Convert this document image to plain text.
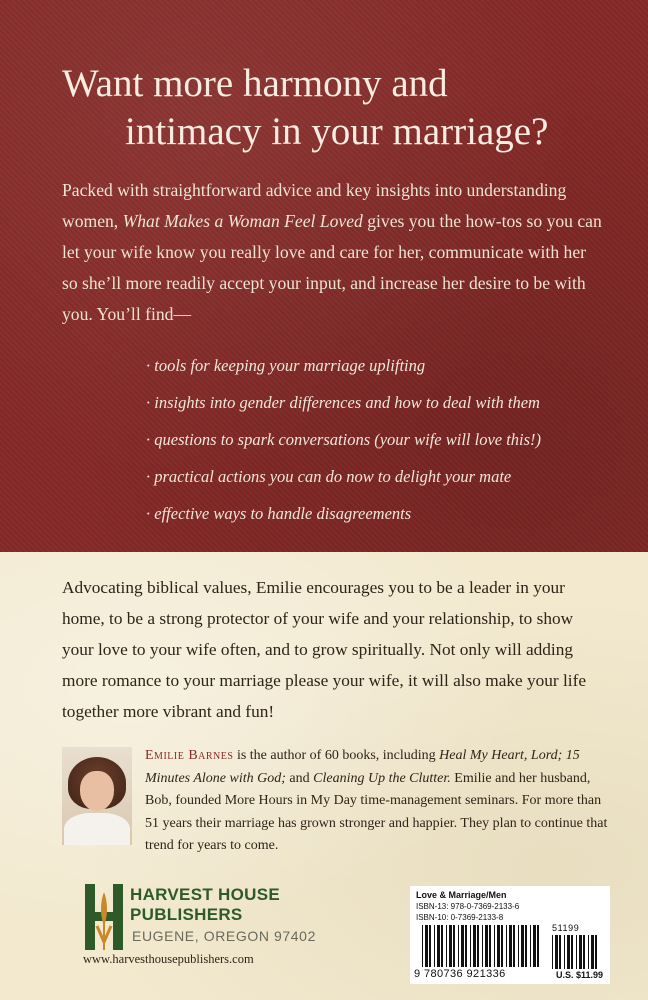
Want more harmony and
intimacy in your marriage?
Packed with straightforward advice and key insights into understanding women, What Makes a Woman Feel Loved gives you the how-tos so you can let your wife know you really love and care for her, communicate with her so she’ll more readily accept your input, and increase her desire to be with you. You’ll find—
· tools for keeping your marriage uplifting
· insights into gender differences and how to deal with them
· questions to spark conversations (your wife will love this!)
· practical actions you can do now to delight your mate
· effective ways to handle disagreements
Advocating biblical values, Emilie encourages you to be a leader in your home, to be a strong protector of your wife and your relationship, to show your love to your wife often, and to grow spiritually. Not only will adding more romance to your marriage please your wife, it will also make your life together more vibrant and fun!
Emilie Barnes is the author of 60 books, including Heal My Heart, Lord; 15 Minutes Alone with God; and Cleaning Up the Clutter. Emilie and her husband, Bob, founded More Hours in My Day time-management seminars. For more than 51 years their marriage has grown stronger and happier. They plan to continue that trend for years to come.
HARVEST HOUSE
PUBLISHERS
EUGENE, OREGON 97402
www.harvesthousepublishers.com
Love & Marriage/Men
ISBN-13: 978-0-7369-2133-6
ISBN-10: 0-7369-2133-8
9 780736 921336
51199
U.S. $11.99
